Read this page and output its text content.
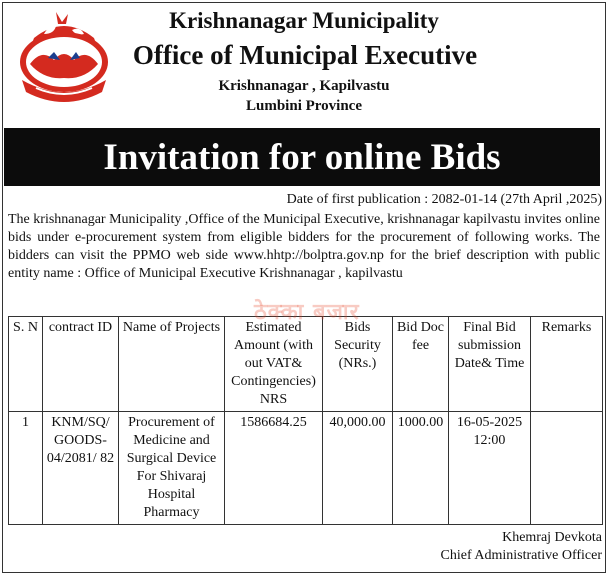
Krishnanagar Municipality
Office of Municipal Executive
Krishnanagar , Kapilvastu
Lumbini Province
Invitation for online Bids
Date of first publication : 2082-01-14 (27th April ,2025)
The krishnanagar Municipality ,Office of the Municipal Executive, krishnanagar kapilvastu invites online bids under e-procurement system from eligible bidders for the procurement of following works. The bidders can visit the PPMO web side www.hhtp://bolptra.gov.np for the brief description with public entity name : Office of Municipal Executive Krishnanagar , kapilvastu
S. N	contract ID	Name of Projects	Estimated Amount (with out VAT& Contingencies) NRS	Bids Security (NRs.)	Bid Doc fee	Final Bid submission Date& Time	Remarks
1	KNM/SQ/ GOODS- 04/2081/ 82	Procurement of Medicine and Surgical Device For Shivaraj Hospital Pharmacy	1586684.25	40,000.00	1000.00	16-05-2025 12:00	
ठेक्का बजार
Khemraj Devkota
Chief Administrative Officer
